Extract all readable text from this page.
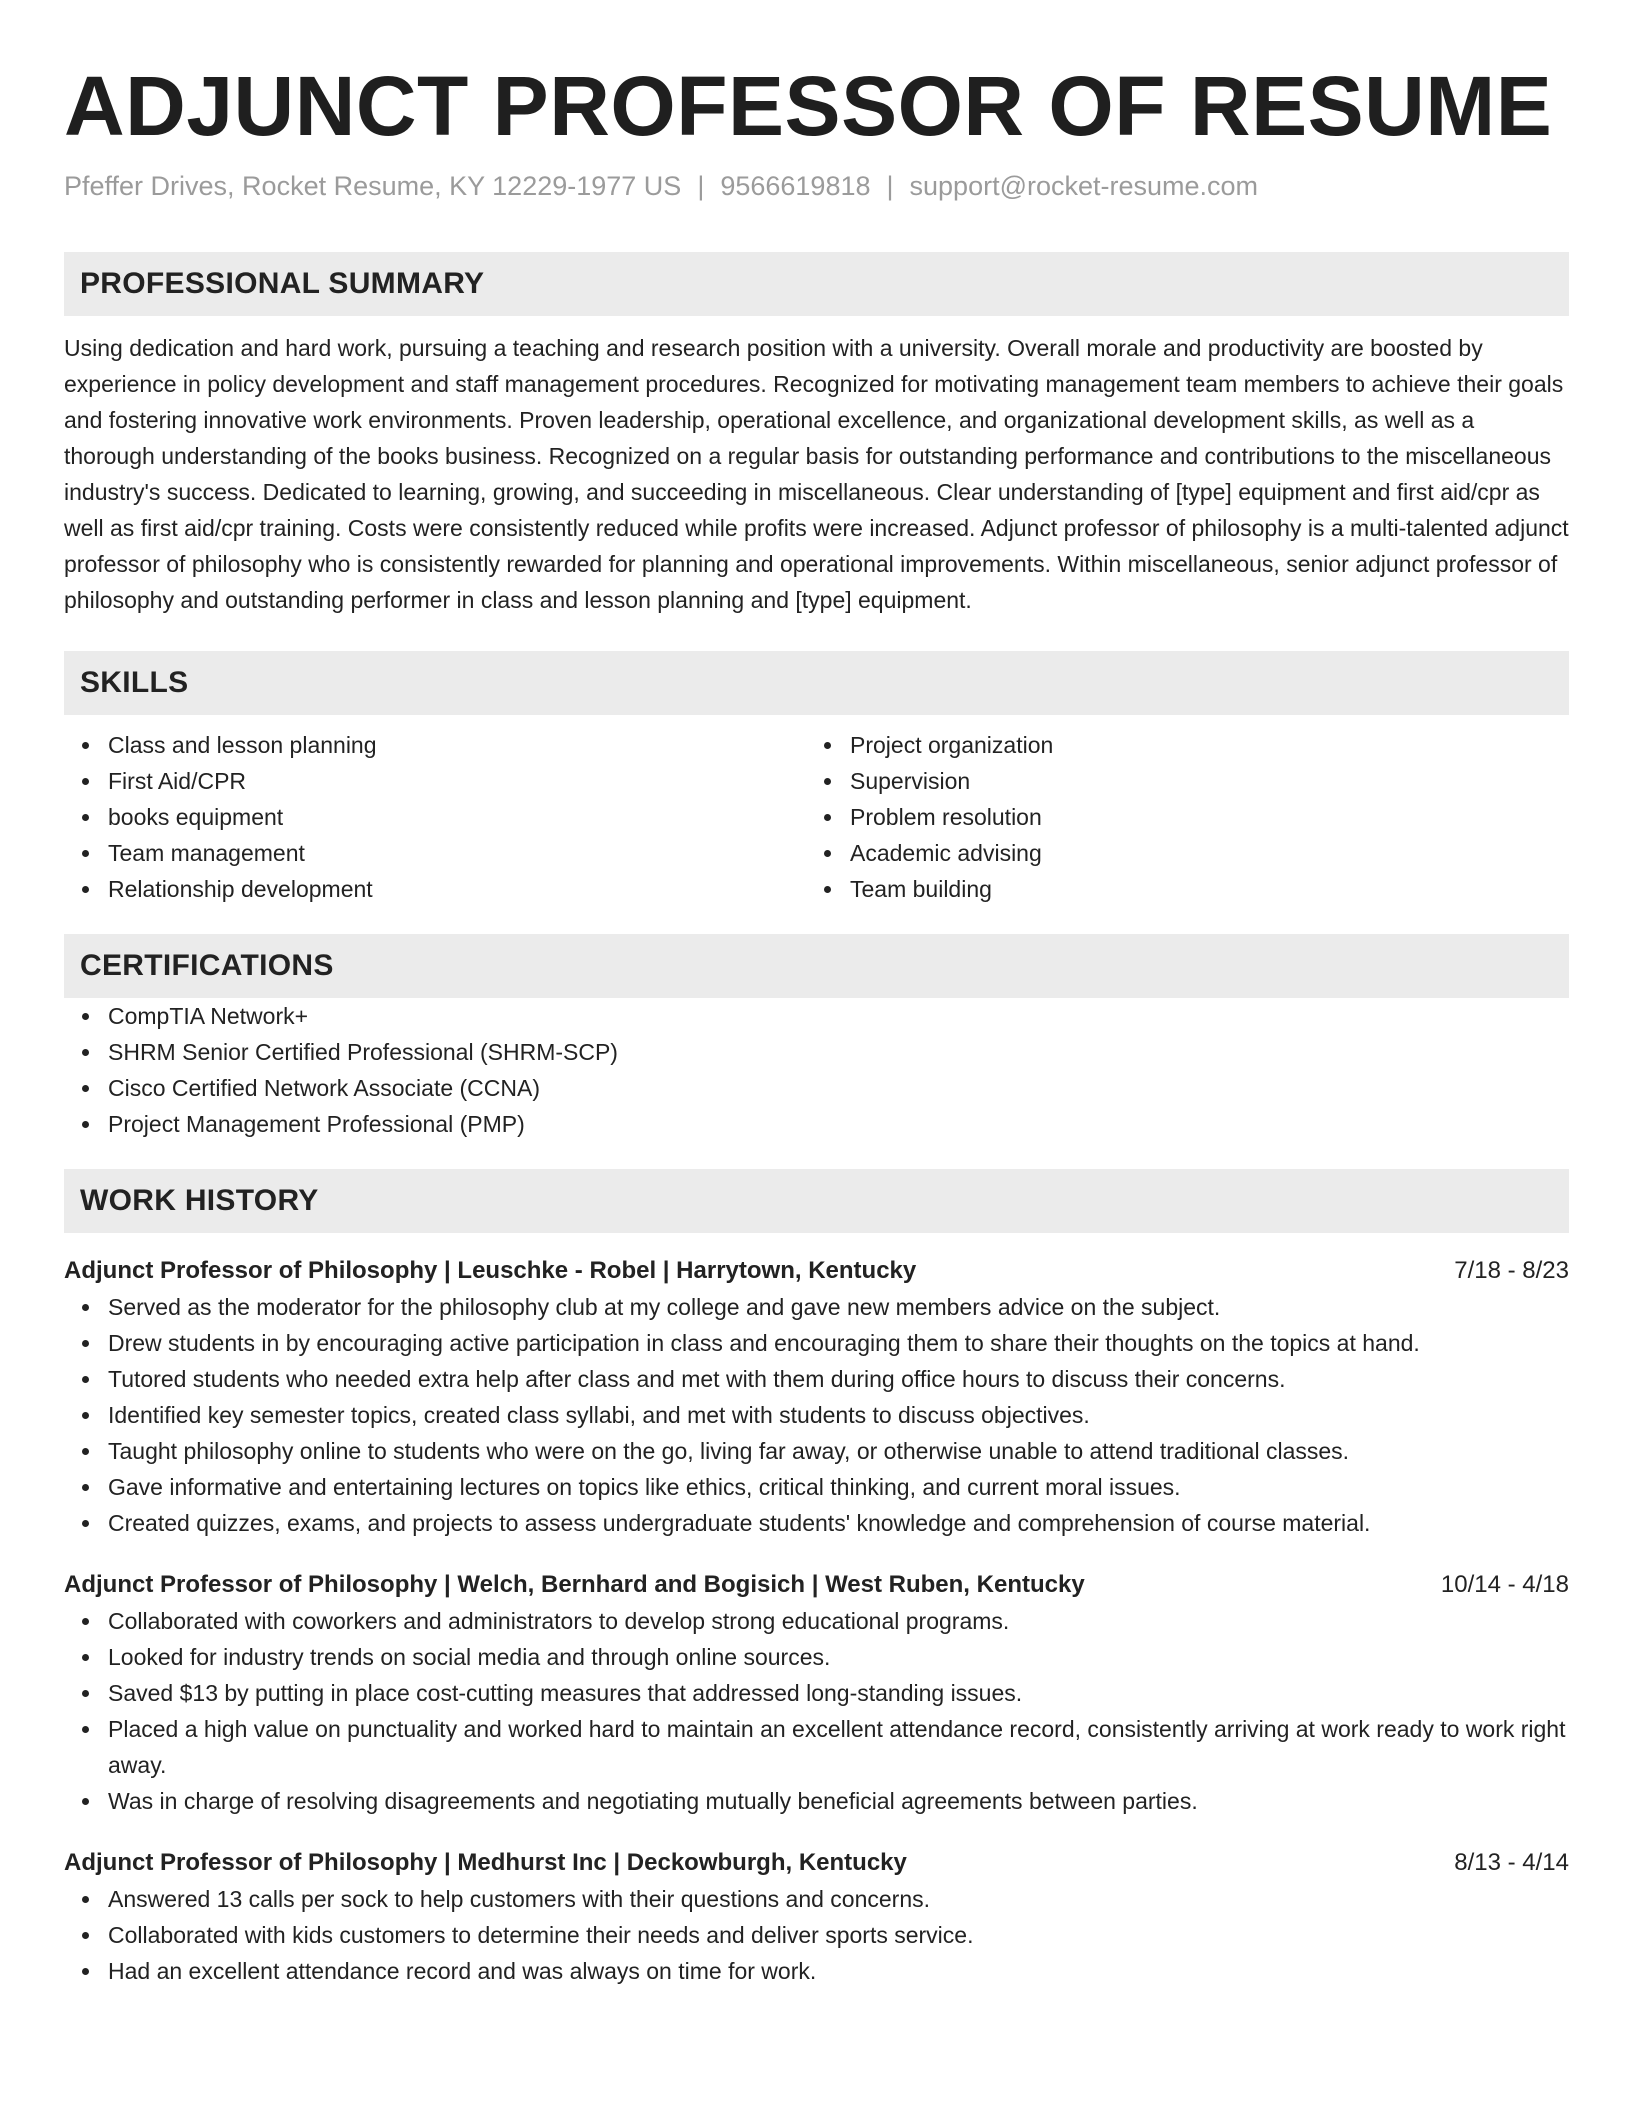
ADJUNCT PROFESSOR OF RESUME
Pfeffer Drives, Rocket Resume, KY 12229-1977 US | 9566619818 | support@rocket-resume.com
PROFESSIONAL SUMMARY
Using dedication and hard work, pursuing a teaching and research position with a university. Overall morale and productivity are boosted by experience in policy development and staff management procedures. Recognized for motivating management team members to achieve their goals and fostering innovative work environments. Proven leadership, operational excellence, and organizational development skills, as well as a thorough understanding of the books business. Recognized on a regular basis for outstanding performance and contributions to the miscellaneous industry's success. Dedicated to learning, growing, and succeeding in miscellaneous. Clear understanding of [type] equipment and first aid/cpr as well as first aid/cpr training. Costs were consistently reduced while profits were increased. Adjunct professor of philosophy is a multi-talented adjunct professor of philosophy who is consistently rewarded for planning and operational improvements. Within miscellaneous, senior adjunct professor of philosophy and outstanding performer in class and lesson planning and [type] equipment.
SKILLS
Class and lesson planning
First Aid/CPR
books equipment
Team management
Relationship development
Project organization
Supervision
Problem resolution
Academic advising
Team building
CERTIFICATIONS
CompTIA Network+
SHRM Senior Certified Professional (SHRM-SCP)
Cisco Certified Network Associate (CCNA)
Project Management Professional (PMP)
WORK HISTORY
Adjunct Professor of Philosophy | Leuschke - Robel | Harrytown, Kentucky	7/18 - 8/23
Served as the moderator for the philosophy club at my college and gave new members advice on the subject.
Drew students in by encouraging active participation in class and encouraging them to share their thoughts on the topics at hand.
Tutored students who needed extra help after class and met with them during office hours to discuss their concerns.
Identified key semester topics, created class syllabi, and met with students to discuss objectives.
Taught philosophy online to students who were on the go, living far away, or otherwise unable to attend traditional classes.
Gave informative and entertaining lectures on topics like ethics, critical thinking, and current moral issues.
Created quizzes, exams, and projects to assess undergraduate students' knowledge and comprehension of course material.
Adjunct Professor of Philosophy | Welch, Bernhard and Bogisich | West Ruben, Kentucky	10/14 - 4/18
Collaborated with coworkers and administrators to develop strong educational programs.
Looked for industry trends on social media and through online sources.
Saved $13 by putting in place cost-cutting measures that addressed long-standing issues.
Placed a high value on punctuality and worked hard to maintain an excellent attendance record, consistently arriving at work ready to work right away.
Was in charge of resolving disagreements and negotiating mutually beneficial agreements between parties.
Adjunct Professor of Philosophy | Medhurst Inc | Deckowburgh, Kentucky	8/13 - 4/14
Answered 13 calls per sock to help customers with their questions and concerns.
Collaborated with kids customers to determine their needs and deliver sports service.
Had an excellent attendance record and was always on time for work.
